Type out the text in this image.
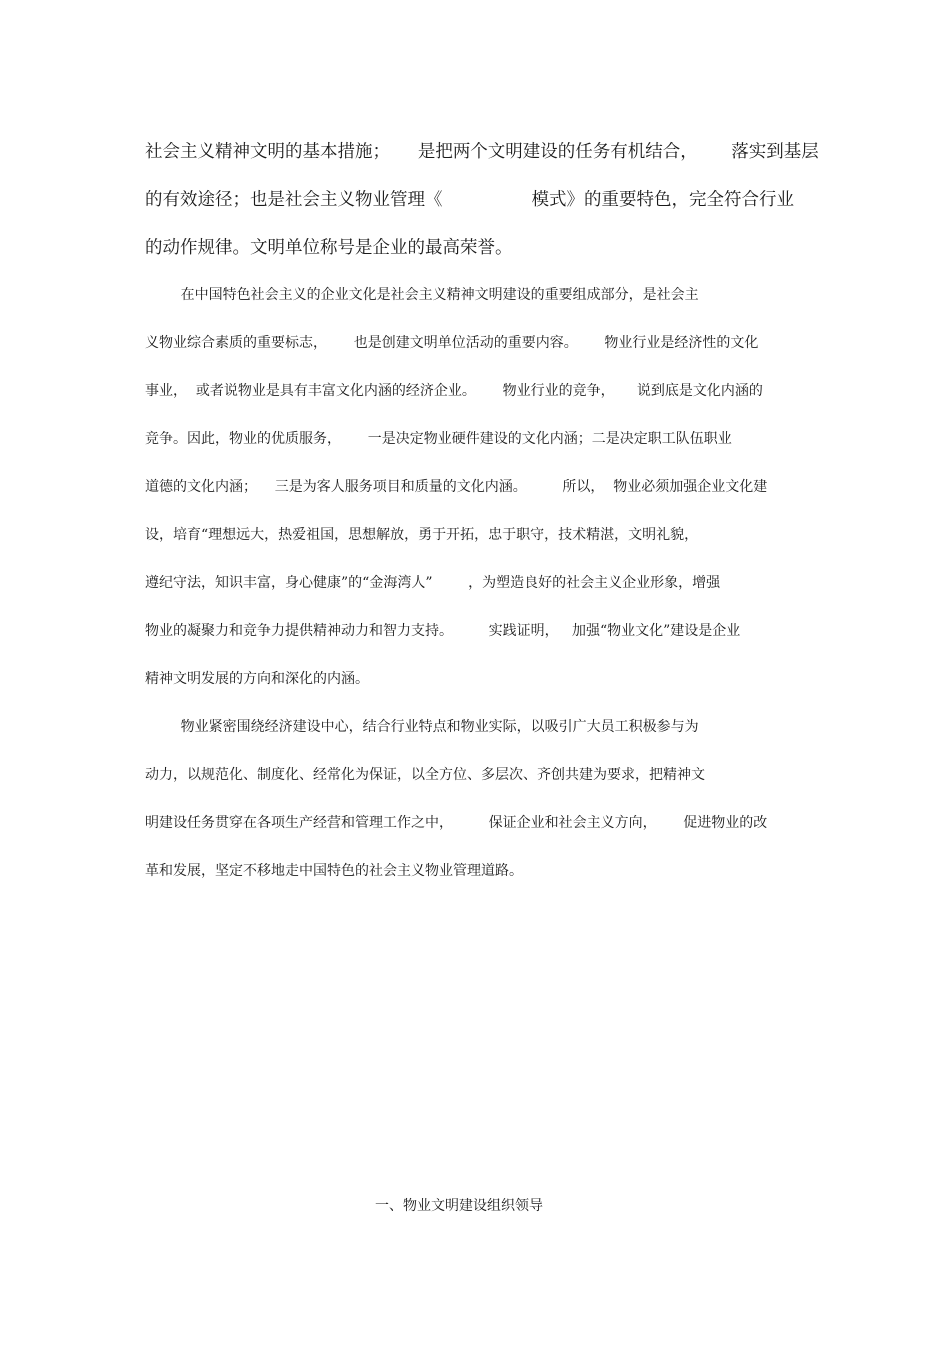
社会主义精神文明的基本措施；     是把两个文明建设的任务有机结合，      落实到基层
的有效途径；也是社会主义物业管理《                模式》的重要特色，完全符合行业
的动作规律。文明单位称号是企业的最高荣誉。
在中国特色社会主义的企业文化是社会主义精神文明建设的重要组成部分，是社会主
义物业综合素质的重要标志，      也是创建文明单位活动的重要内容。      物业行业是经济性的文化
事业，  或者说物业是具有丰富文化内涵的经济企业。      物业行业的竞争，     说到底是文化内涵的
竞争。因此，物业的优质服务，      一是决定物业硬件建设的文化内涵；二是决定职工队伍职业
道德的文化内涵；    三是为客人服务项目和质量的文化内涵。        所以，  物业必须加强企业文化建
设，培育“理想远大，热爱祖国，思想解放，勇于开拓，忠于职守，技术精湛，文明礼貌，
遵纪守法，知识丰富，身心健康”的“金海湾人”        ，为塑造良好的社会主义企业形象，增强
物业的凝聚力和竞争力提供精神动力和智力支持。        实践证明，   加强“物业文化”建设是企业
精神文明发展的方向和深化的内涵。
物业紧密围绕经济建设中心，结合行业特点和物业实际，以吸引广大员工积极参与为
动力，以规范化、制度化、经常化为保证，以全方位、多层次、齐创共建为要求，把精神文
明建设任务贯穿在各项生产经营和管理工作之中，        保证企业和社会主义方向，      促进物业的改
革和发展，坚定不移地走中国特色的社会主义物业管理道路。
一、物业文明建设组织领导
